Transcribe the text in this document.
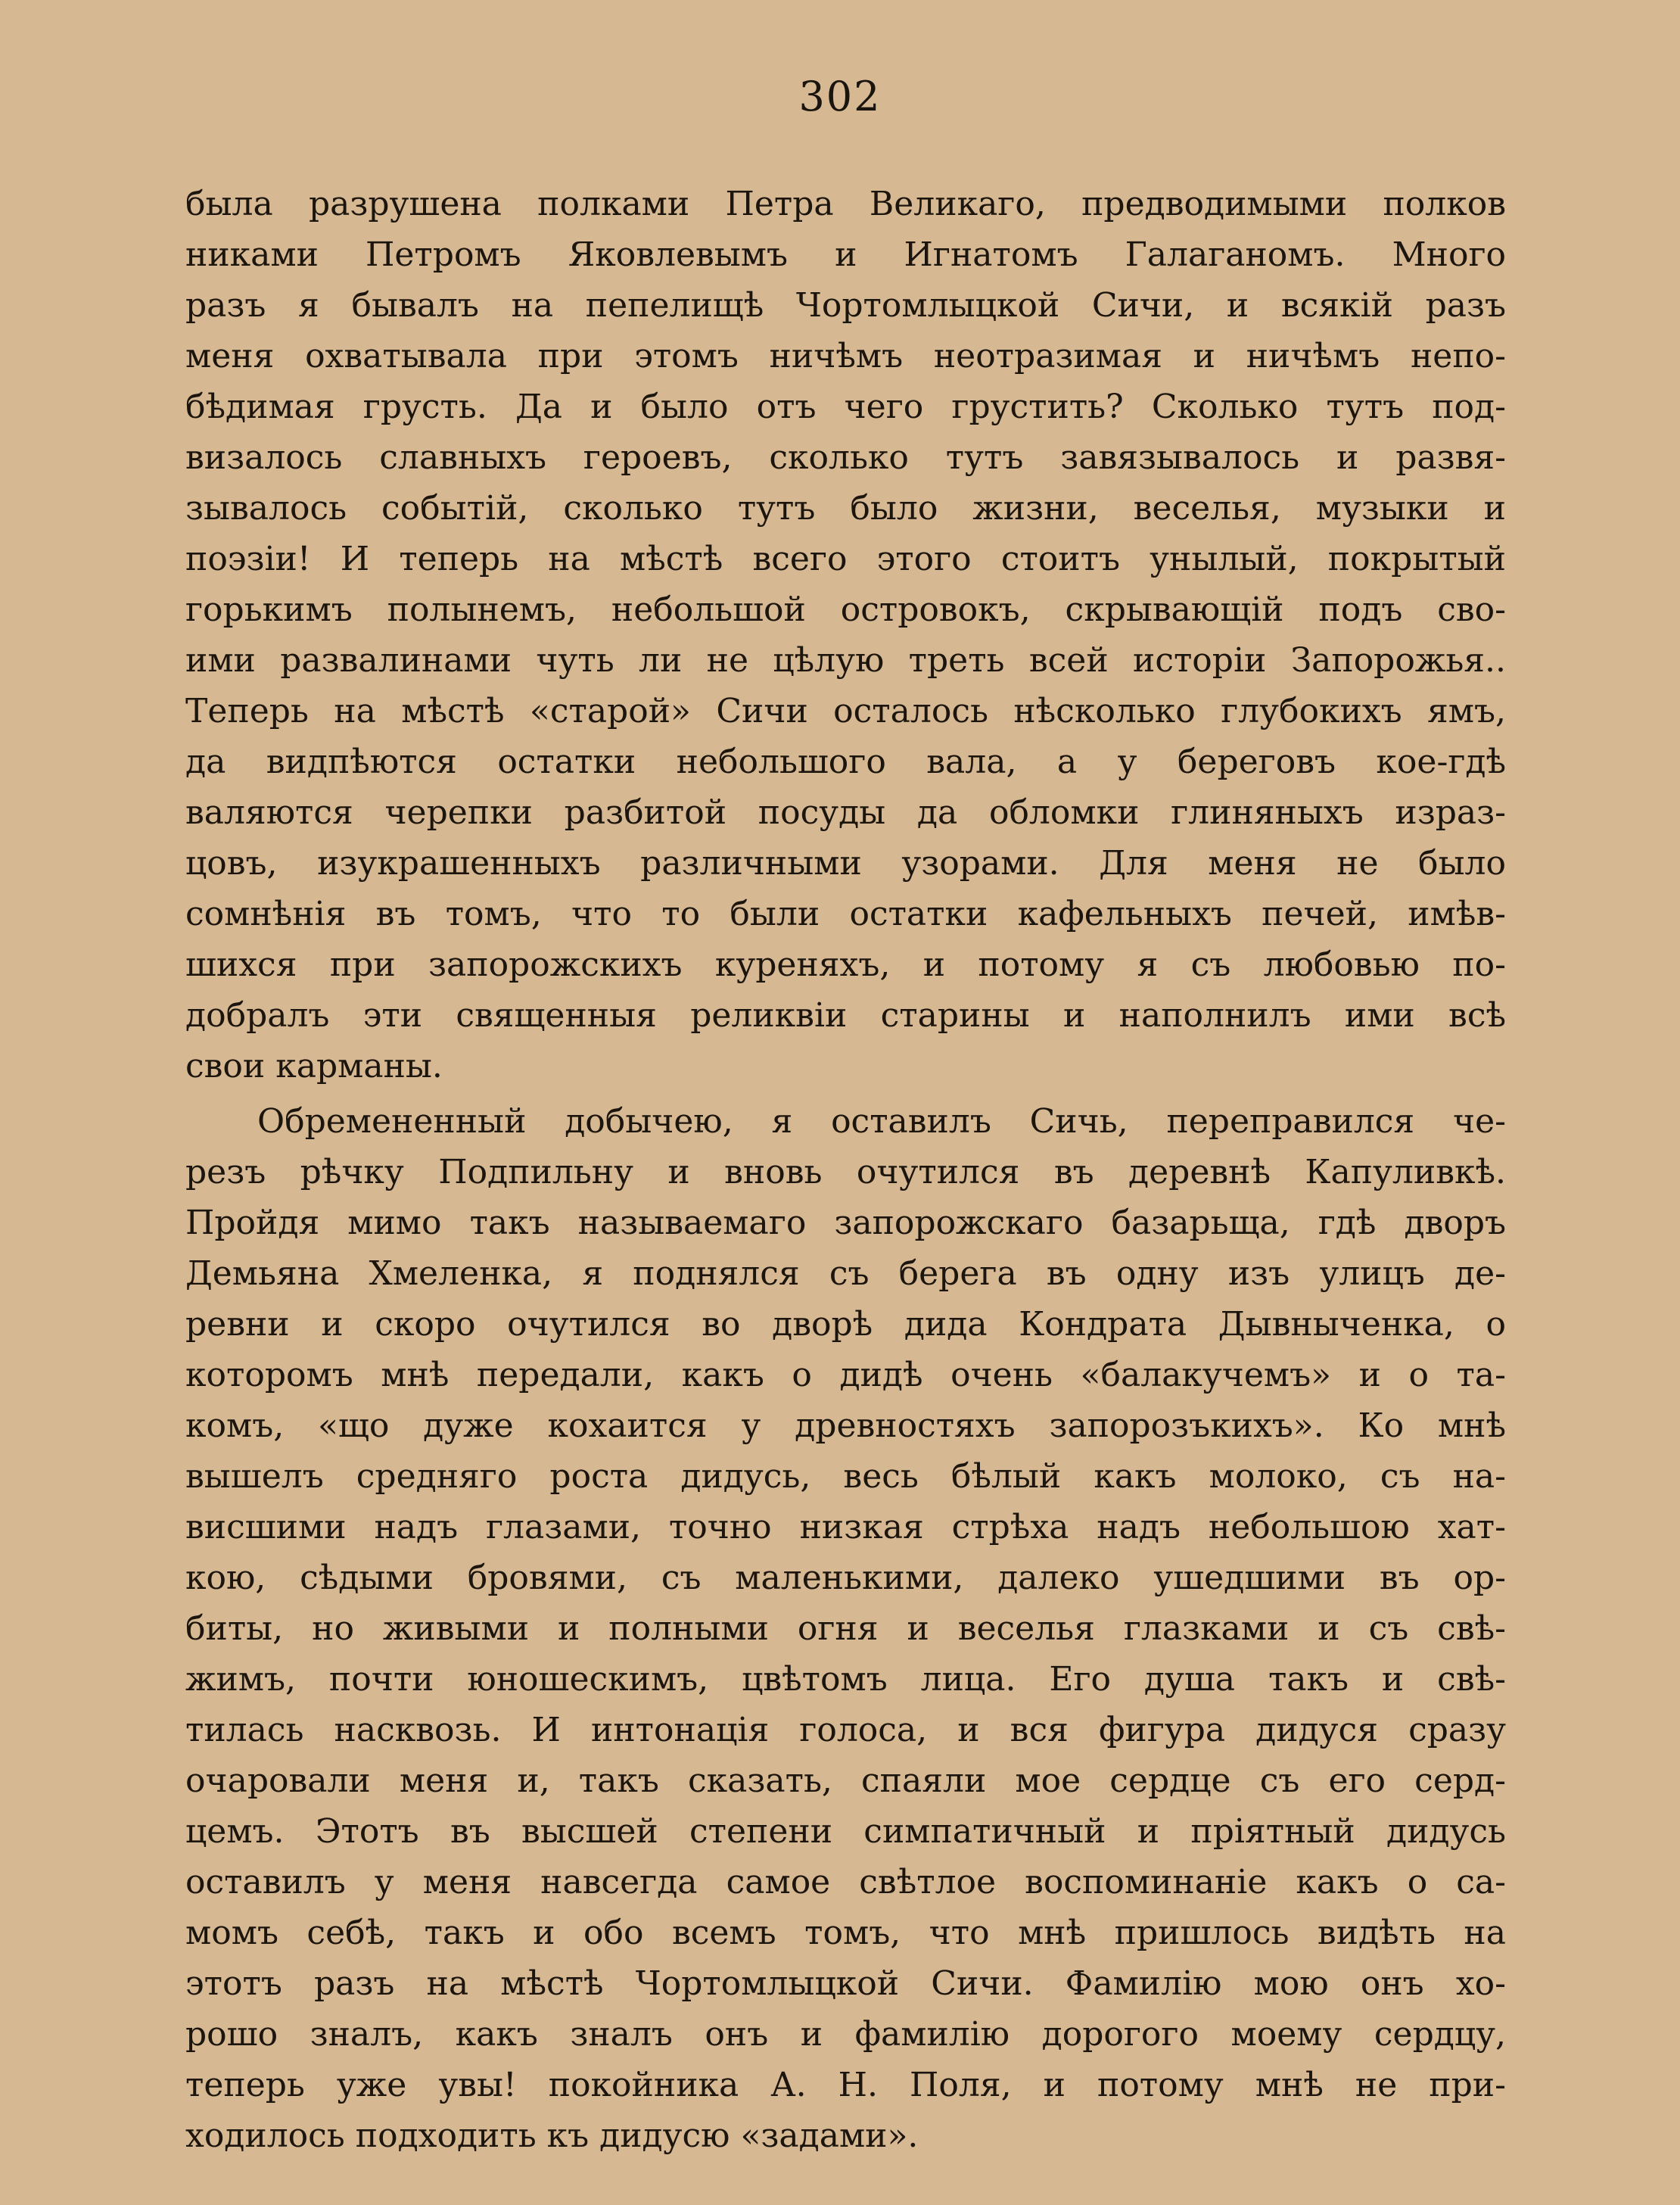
302
была разрушена полками Петра Великаго, предводимыми полков
никами Петромъ Яковлевымъ и Игнатомъ Галаганомъ. Много
разъ я бывалъ на пепелищѣ Чортомлыцкой Сичи, и всякій разъ
меня охватывала при этомъ ничѣмъ неотразимая и ничѣмъ непо-
бѣдимая грусть. Да и было отъ чего грустить? Сколько тутъ под-
визалось славныхъ героевъ, сколько тутъ завязывалось и развя-
зывалось событій, сколько тутъ было жизни, веселья, музыки и
поэзіи! И теперь на мѣстѣ всего этого стоитъ унылый, покрытый
горькимъ полынемъ, небольшой островокъ, скрывающій подъ сво-
ими развалинами чуть ли не цѣлую треть всей исторіи Запорожья..
Теперь на мѣстѣ «старой» Сичи осталось нѣсколько глубокихъ ямъ,
да видпѣются остатки небольшого вала, а у береговъ кое-гдѣ
валяются черепки разбитой посуды да обломки глиняныхъ израз-
цовъ, изукрашенныхъ различными узорами. Для меня не было
сомнѣнія въ томъ, что то были остатки кафельныхъ печей, имѣв-
шихся при запорожскихъ куреняхъ, и потому я съ любовью по-
добралъ эти священныя реликвіи старины и наполнилъ ими всѣ
свои карманы.
Обремененный добычею, я оставилъ Сичь, переправился че-
резъ рѣчку Подпильну и вновь очутился въ деревнѣ Капуливкѣ.
Пройдя мимо такъ называемаго запорожскаго базарьща, гдѣ дворъ
Демьяна Хмеленка, я поднялся съ берега въ одну изъ улицъ де-
ревни и скоро очутился во дворѣ дида Кондрата Дывныченка, о
которомъ мнѣ передали, какъ о дидѣ очень «балакучемъ» и о та-
комъ, «що дуже кохаится у древностяхъ запорозъкихъ». Ко мнѣ
вышелъ средняго роста дидусь, весь бѣлый какъ молоко, съ на-
висшими надъ глазами, точно низкая стрѣха надъ небольшою хат-
кою, сѣдыми бровями, съ маленькими, далеко ушедшими въ ор-
биты, но живыми и полными огня и веселья глазками и съ свѣ-
жимъ, почти юношескимъ, цвѣтомъ лица. Его душа такъ и свѣ-
тилась насквозь. И интонація голоса, и вся фигура дидуся сразу
очаровали меня и, такъ сказать, спаяли мое сердце съ его серд-
цемъ. Этотъ въ высшей степени симпатичный и пріятный дидусь
оставилъ у меня навсегда самое свѣтлое воспоминаніе какъ о са-
момъ себѣ, такъ и обо всемъ томъ, что мнѣ пришлось видѣть на
этотъ разъ на мѣстѣ Чортомлыцкой Сичи. Фамилію мою онъ хо-
рошо зналъ, какъ зналъ онъ и фамилію дорогого моему сердцу,
теперь уже увы! покойника А. Н. Поля, и потому мнѣ не при-
ходилось подходить къ дидусю «задами».
